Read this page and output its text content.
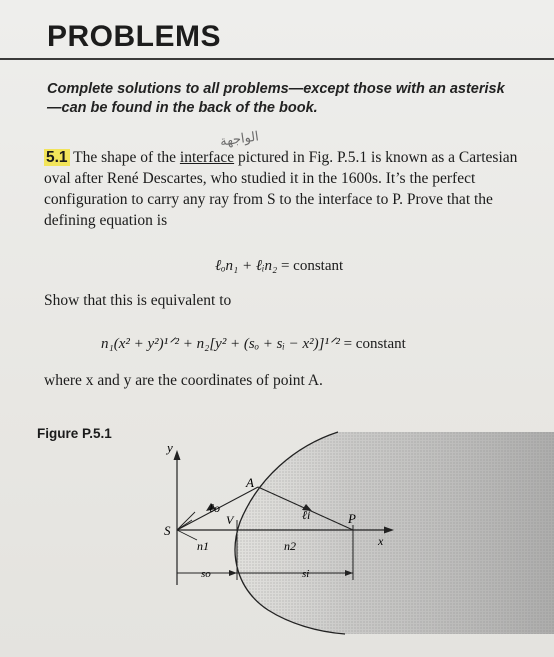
PROBLEMS
Complete solutions to all problems—except those with an asterisk—can be found in the back of the book.
الواجهة
5.1 The shape of the interface pictured in Fig. P.5.1 is known as a Cartesian oval after René Descartes, who studied it in the 1600s. It’s the perfect configuration to carry any ray from S to the interface to P. Prove that the defining equation is
ℓₒn₁ + ℓᵢn₂ = constant
Show that this is equivalent to
n₁(x² + y²)¹ᐟ² + n₂[y² + (sₒ + sᵢ − x²)]¹ᐟ² = constant
where x and y are the coordinates of point A.
Figure P.5.1
y
x
A
S
V	P
ℓo	ℓi
n1	n2
so	si
